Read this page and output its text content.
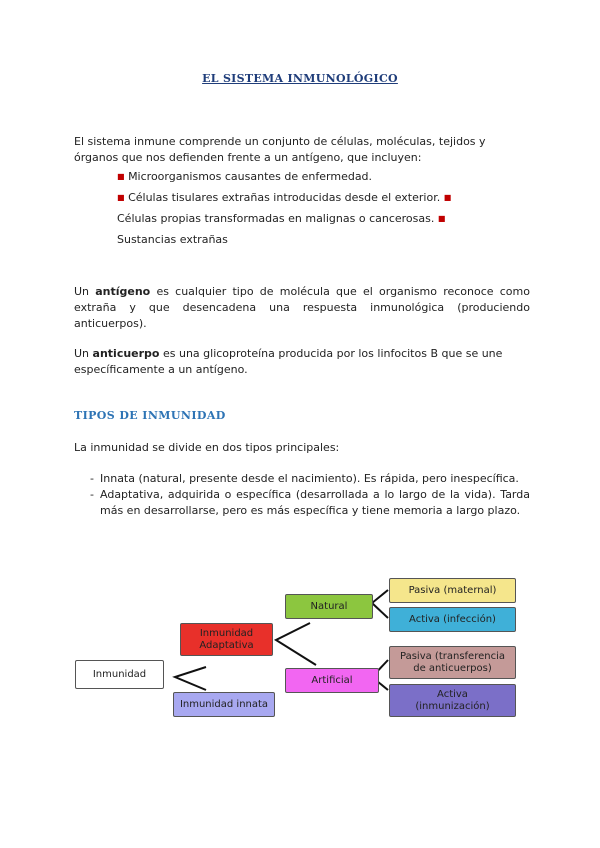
EL SISTEMA INMUNOLÓGICO
El sistema inmune comprende un conjunto de células, moléculas, tejidos y órganos que nos defienden frente a un antígeno, que incluyen:
■ Microorganismos causantes de enfermedad.
■ Células tisulares extrañas introducidas desde el exterior. ■
Células propias transformadas en malignas o cancerosas. ■
Sustancias extrañas
Un antígeno es cualquier tipo de molécula que el organismo reconoce como extraña y que desencadena una respuesta inmunológica (produciendo anticuerpos).
Un anticuerpo es una glicoproteína producida por los linfocitos B que se une específicamente a un antígeno.
TIPOS DE INMUNIDAD
La inmunidad se divide en dos tipos principales:
- Innata (natural, presente desde el nacimiento). Es rápida, pero inespecífica.
- Adaptativa, adquirida o específica (desarrollada a lo largo de la vida). Tarda más en desarrollarse, pero es más específica y tiene memoria a largo plazo.
Inmunidad
Inmunidad Adaptativa
Inmunidad innata
Natural
Artificial
Pasiva (maternal)
Activa (infección)
Pasiva (transferencia de anticuerpos)
Activa (inmunización)
